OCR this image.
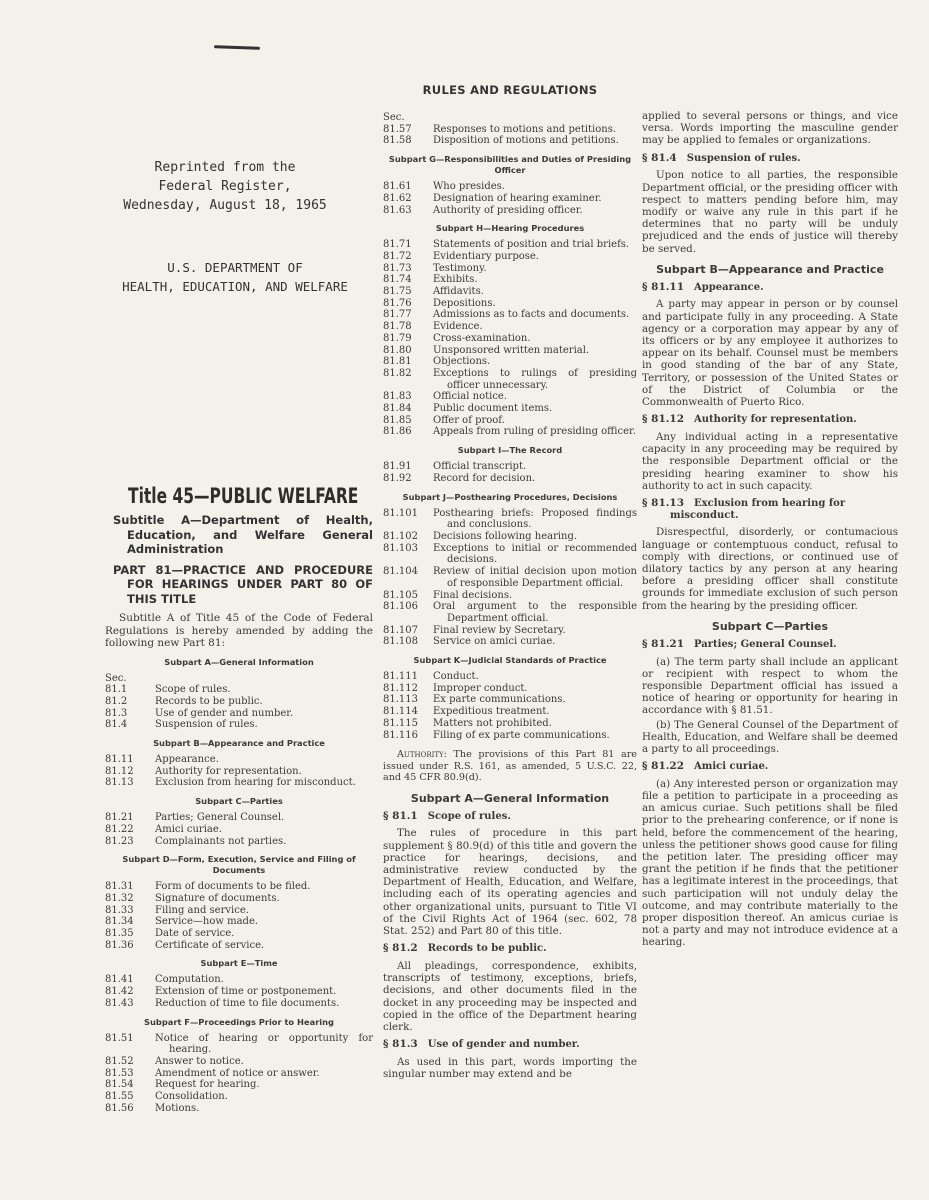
RULES AND REGULATIONS
Reprinted from the
Federal Register,
Wednesday, August 18, 1965
U.S. DEPARTMENT OF
HEALTH, EDUCATION, AND WELFARE
Title 45—PUBLIC WELFARE
Subtitle A—Department of Health, Education, and Welfare General Administration
PART 81—PRACTICE AND PROCEDURE FOR HEARINGS UNDER PART 80 OF THIS TITLE
Subtitle A of Title 45 of the Code of Federal Regulations is hereby amended by adding the following new Part 81:
Subpart A—General Information
Sec.
81.1	Scope of rules.
81.2	Records to be public.
81.3	Use of gender and number.
81.4	Suspension of rules.
Subpart B—Appearance and Practice
81.11	Appearance.
81.12	Authority for representation.
81.13	Exclusion from hearing for misconduct.
Subpart C—Parties
81.21	Parties; General Counsel.
81.22	Amici curiae.
81.23	Complainants not parties.
Subpart D—Form, Execution, Service and Filing of Documents
81.31	Form of documents to be filed.
81.32	Signature of documents.
81.33	Filing and service.
81.34	Service—how made.
81.35	Date of service.
81.36	Certificate of service.
Subpart E—Time
81.41	Computation.
81.42	Extension of time or postponement.
81.43	Reduction of time to file documents.
Subpart F—Proceedings Prior to Hearing
81.51	Notice of hearing or opportunity for hearing.
81.52	Answer to notice.
81.53	Amendment of notice or answer.
81.54	Request for hearing.
81.55	Consolidation.
81.56	Motions.
Sec.
81.57	Responses to motions and petitions.
81.58	Disposition of motions and petitions.
Subpart G—Responsibilities and Duties of Presiding Officer
81.61	Who presides.
81.62	Designation of hearing examiner.
81.63	Authority of presiding officer.
Subpart H—Hearing Procedures
81.71	Statements of position and trial briefs.
81.72	Evidentiary purpose.
81.73	Testimony.
81.74	Exhibits.
81.75	Affidavits.
81.76	Depositions.
81.77	Admissions as to facts and documents.
81.78	Evidence.
81.79	Cross-examination.
81.80	Unsponsored written material.
81.81	Objections.
81.82	Exceptions to rulings of presiding officer unnecessary.
81.83	Official notice.
81.84	Public document items.
81.85	Offer of proof.
81.86	Appeals from ruling of presiding officer.
Subpart I—The Record
81.91	Official transcript.
81.92	Record for decision.
Subpart J—Posthearing Procedures, Decisions
81.101	Posthearing briefs: Proposed findings and conclusions.
81.102	Decisions following hearing.
81.103	Exceptions to initial or recommended decisions.
81.104	Review of initial decision upon motion of responsible Department official.
81.105	Final decisions.
81.106	Oral argument to the responsible Department official.
81.107	Final review by Secretary.
81.108	Service on amici curiae.
Subpart K—Judicial Standards of Practice
81.111	Conduct.
81.112	Improper conduct.
81.113	Ex parte communications.
81.114	Expeditious treatment.
81.115	Matters not prohibited.
81.116	Filing of ex parte communications.
Authority: The provisions of this Part 81 are issued under R.S. 161, as amended, 5 U.S.C. 22, and 45 CFR 80.9(d).
Subpart A—General Information
§ 81.1 Scope of rules.
The rules of procedure in this part supplement § 80.9(d) of this title and govern the practice for hearings, decisions, and administrative review conducted by the Department of Health, Education, and Welfare, including each of its operating agencies and other organizational units, pursuant to Title VI of the Civil Rights Act of 1964 (sec. 602, 78 Stat. 252) and Part 80 of this title.
§ 81.2 Records to be public.
All pleadings, correspondence, exhibits, transcripts of testimony, exceptions, briefs, decisions, and other documents filed in the docket in any proceeding may be inspected and copied in the office of the Department hearing clerk.
§ 81.3 Use of gender and number.
As used in this part, words importing the singular number may extend and be
applied to several persons or things, and vice versa. Words importing the masculine gender may be applied to females or organizations.
§ 81.4 Suspension of rules.
Upon notice to all parties, the responsible Department official, or the presiding officer with respect to matters pending before him, may modify or waive any rule in this part if he determines that no party will be unduly prejudiced and the ends of justice will thereby be served.
Subpart B—Appearance and Practice
§ 81.11 Appearance.
A party may appear in person or by counsel and participate fully in any proceeding. A State agency or a corporation may appear by any of its officers or by any employee it authorizes to appear on its behalf. Counsel must be members in good standing of the bar of any State, Territory, or possession of the United States or of the District of Columbia or the Commonwealth of Puerto Rico.
§ 81.12 Authority for representation.
Any individual acting in a representative capacity in any proceeding may be required by the responsible Department official or the presiding hearing examiner to show his authority to act in such capacity.
§ 81.13 Exclusion from hearing for misconduct.
Disrespectful, disorderly, or contumacious language or contemptuous conduct, refusal to comply with directions, or continued use of dilatory tactics by any person at any hearing before a presiding officer shall constitute grounds for immediate exclusion of such person from the hearing by the presiding officer.
Subpart C—Parties
§ 81.21 Parties; General Counsel.
(a) The term party shall include an applicant or recipient with respect to whom the responsible Department official has issued a notice of hearing or opportunity for hearing in accordance with § 81.51.
(b) The General Counsel of the Department of Health, Education, and Welfare shall be deemed a party to all proceedings.
§ 81.22 Amici curiae.
(a) Any interested person or organization may file a petition to participate in a proceeding as an amicus curiae. Such petitions shall be filed prior to the prehearing conference, or if none is held, before the commencement of the hearing, unless the petitioner shows good cause for filing the petition later. The presiding officer may grant the petition if he finds that the petitioner has a legitimate interest in the proceedings, that such participation will not unduly delay the outcome, and may contribute materially to the proper disposition thereof. An amicus curiae is not a party and may not introduce evidence at a hearing.
